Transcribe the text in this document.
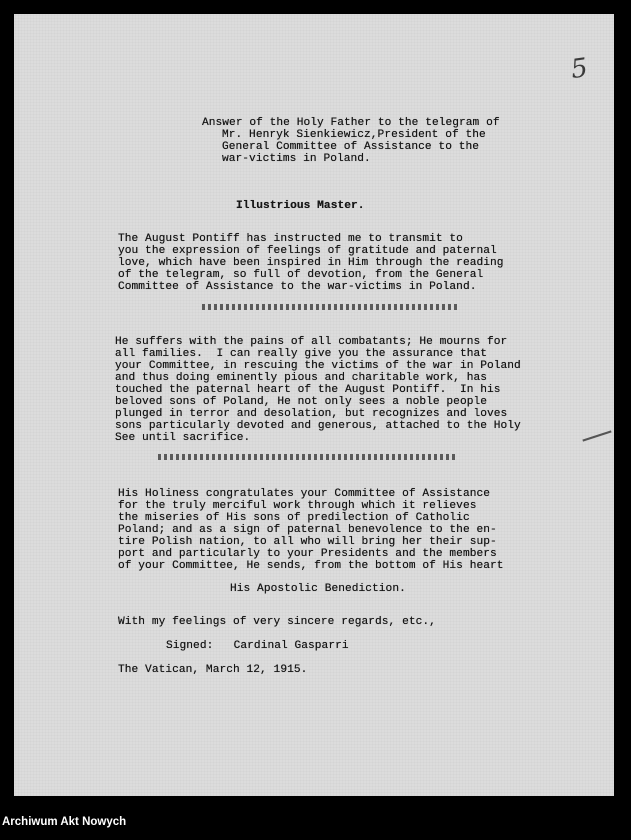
5
Answer of the Holy Father to the telegram of
Mr. Henryk Sienkiewicz,President of the
General Committee of Assistance to the
war-victims in Poland.
Illustrious Master.
The August Pontiff has instructed me to transmit to
you the expression of feelings of gratitude and paternal
love, which have been inspired in Him through the reading
of the telegram, so full of devotion, from the General
Committee of Assistance to the war-victims in Poland.
He suffers with the pains of all combatants; He mourns for
all families.  I can really give you the assurance that
your Committee, in rescuing the victims of the war in Poland
and thus doing eminently pious and charitable work, has
touched the paternal heart of the August Pontiff.  In his
beloved sons of Poland, He not only sees a noble people
plunged in terror and desolation, but recognizes and loves
sons particularly devoted and generous, attached to the Holy
See until sacrifice.
His Holiness congratulates your Committee of Assistance
for the truly merciful work through which it relieves
the miseries of His sons of predilection of Catholic
Poland; and as a sign of paternal benevolence to the en-
tire Polish nation, to all who will bring her their sup-
port and particularly to your Presidents and the members
of your Committee, He sends, from the bottom of His heart
His Apostolic Benediction.
With my feelings of very sincere regards, etc.,
Signed:   Cardinal Gasparri
The Vatican, March 12, 1915.
Archiwum Akt Nowych
